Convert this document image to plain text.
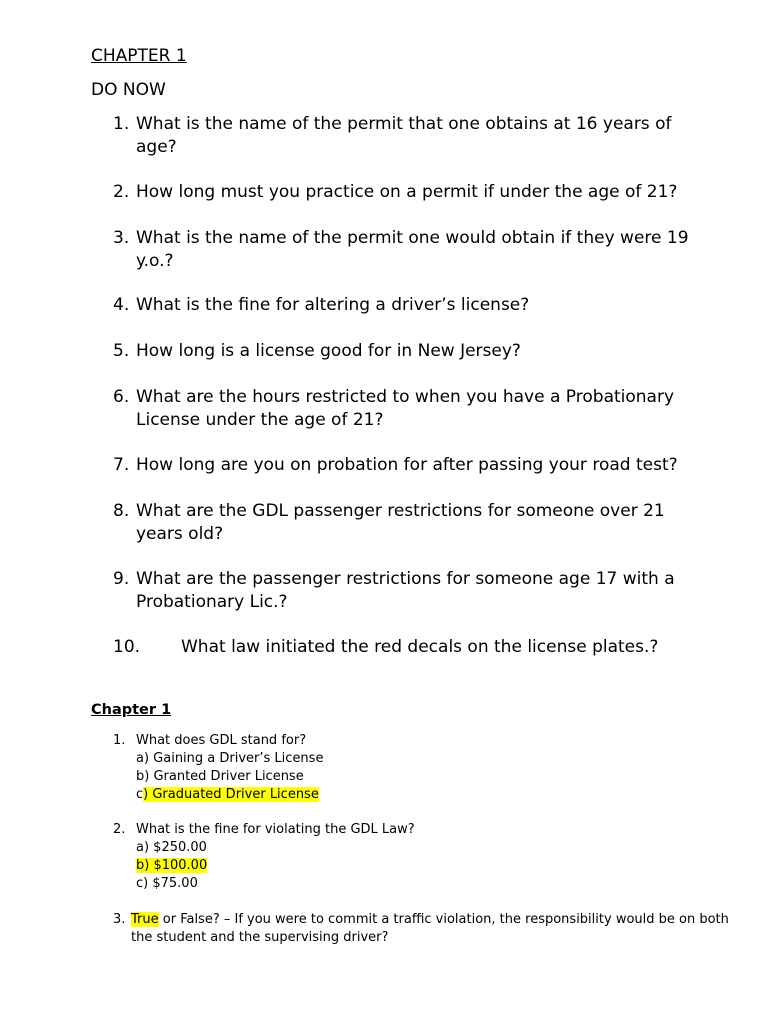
CHAPTER 1
DO NOW
1. What is the name of the permit that one obtains at 16 years of age?
2. How long must you practice on a permit if under the age of 21?
3. What is the name of the permit one would obtain if they were 19 y.o.?
4. What is the fine for altering a driver’s license?
5. How long is a license good for in New Jersey?
6. What are the hours restricted to when you have a Probationary License under the age of 21?
7. How long are you on probation for after passing your road test?
8. What are the GDL passenger restrictions for someone over 21 years old?
9. What are the passenger restrictions for someone age 17 with a Probationary Lic.?
10. What law initiated the red decals on the license plates.?
Chapter 1
1. What does GDL stand for?
a) Gaining a Driver’s License
b) Granted Driver License
c) Graduated Driver License
2. What is the fine for violating the GDL Law?
a) $250.00
b) $100.00
c) $75.00
3. True or False? – If you were to commit a traffic violation, the responsibility would be on both the student and the supervising driver?
